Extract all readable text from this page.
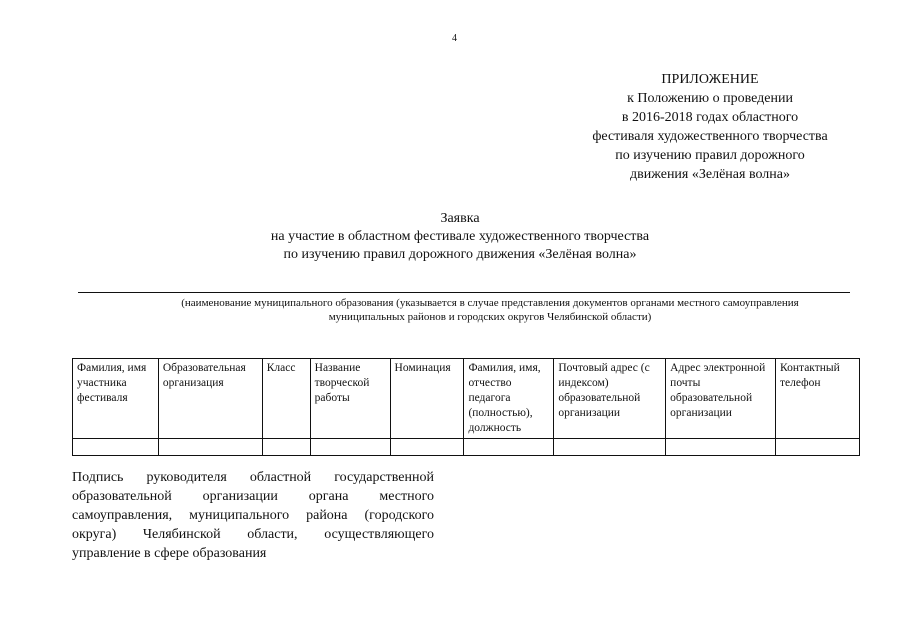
4
ПРИЛОЖЕНИЕ
к Положению о проведении
в 2016-2018 годах областного
фестиваля художественного творчества
по изучению правил дорожного
движения «Зелёная волна»
Заявка
на участие в областном фестивале художественного творчества
по изучению правил дорожного движения «Зелёная волна»
(наименование муниципального образования (указывается в случае представления документов органами местного самоуправления
муниципальных районов и городских округов Челябинской области)
Фамилия, имя участника фестиваля	Образовательная организация	Класс	Название творческой работы	Номинация	Фамилия, имя, отчество педагога (полностью), должность	Почтовый адрес (с индексом) образовательной организации	Адрес электронной почты образовательной организации	Контактный телефон

Подпись руководителя областной государственной образовательной организации органа местного самоуправления, муниципального района (городского округа) Челябинской области, осуществляющего управление в сфере образования
